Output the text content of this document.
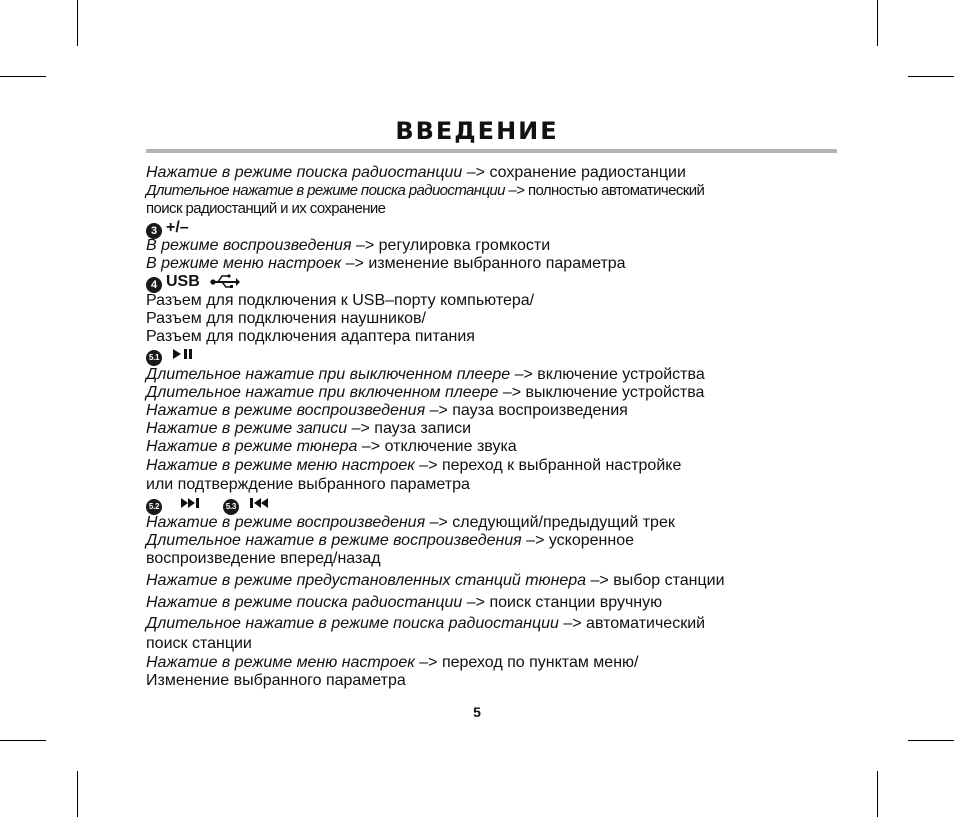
ВВЕДЕНИЕ
Нажатие в режиме поиска радиостанции –> сохранение радиостанции
Длительное нажатие в режиме поиска радиостанции –> полностью автоматический
поиск радиостанций и их сохранение
3 +/–
В режиме воспроизведения –> регулировка громкости
В режиме меню настроек –> изменение выбранного параметра
4 USB
Разъем для подключения к USB–порту компьютера/
Разъем для подключения наушников/
Разъем для подключения адаптера питания
5.1
Длительное нажатие при выключенном плеере –> включение устройства
Длительное нажатие при включенном плеере –> выключение устройства
Нажатие в режиме воспроизведения –> пауза воспроизведения
Нажатие в режиме записи –> пауза записи
Нажатие в режиме тюнера –> отключение звука
Нажатие в режиме меню настроек –> переход к выбранной настройке
или подтверждение выбранного параметра
5.2	5.3
Нажатие в режиме воспроизведения –> следующий/предыдущий трек
Длительное нажатие в режиме воспроизведения –> ускоренное
воспроизведение вперед/назад
Нажатие в режиме предустановленных станций тюнера –> выбор станции
Нажатие в режиме поиска радиостанции –> поиск станции вручную
Длительное нажатие в режиме поиска радиостанции –> автоматический
поиск станции
Нажатие в режиме меню настроек –> переход по пунктам меню/
Изменение выбранного параметра
5
